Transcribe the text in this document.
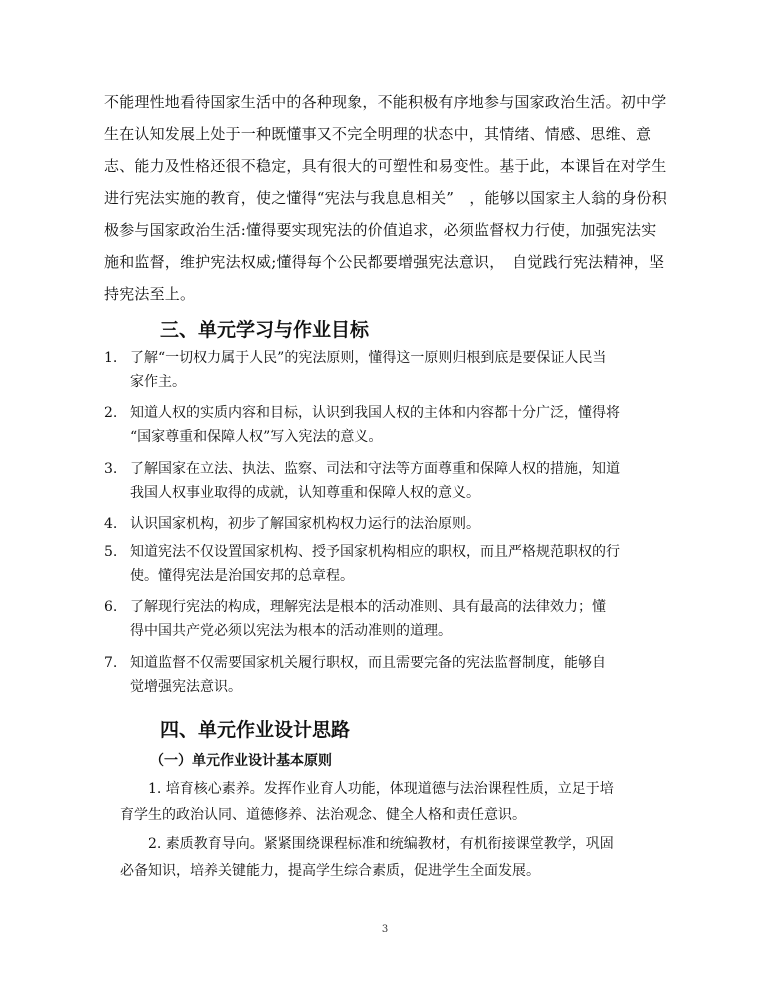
不能理性地看待国家生活中的各种现象，不能积极有序地参与国家政治生活。初中学
生在认知发展上处于一种既懂事又不完全明理的状态中，其情绪、情感、思维、意
志、能力及性格还很不稳定，具有很大的可塑性和易变性。基于此，本课旨在对学生
进行宪法实施的教育，使之懂得“宪法与我息息相关”　，能够以国家主人翁的身份积
极参与国家政治生活:懂得要实现宪法的价值追求，必须监督权力行使，加强宪法实
施和监督，维护宪法权威;懂得每个公民都要增强宪法意识，　自觉践行宪法精神，坚
持宪法至上。
三、单元学习与作业目标
1. 了解“一切权力属于人民”的宪法原则，懂得这一原则归根到底是要保证人民当
家作主。
2. 知道人权的实质内容和目标，认识到我国人权的主体和内容都十分广泛，懂得将
“国家尊重和保障人权”写入宪法的意义。
3. 了解国家在立法、执法、监察、司法和守法等方面尊重和保障人权的措施，知道
我国人权事业取得的成就，认知尊重和保障人权的意义。
4. 认识国家机构，初步了解国家机构权力运行的法治原则。
5. 知道宪法不仅设置国家机构、授予国家机构相应的职权，而且严格规范职权的行
使。懂得宪法是治国安邦的总章程。
6. 了解现行宪法的构成，理解宪法是根本的活动准则、具有最高的法律效力；懂
得中国共产党必须以宪法为根本的活动准则的道理。
7. 知道监督不仅需要国家机关履行职权，而且需要完备的宪法监督制度，能够自
觉增强宪法意识。
四、单元作业设计思路
（一）单元作业设计基本原则
1. 培育核心素养。发挥作业育人功能，体现道德与法治课程性质，立足于培
育学生的政治认同、道德修养、法治观念、健全人格和责任意识。
2. 素质教育导向。紧紧围绕课程标准和统编教材，有机衔接课堂教学，巩固
必备知识，培养关键能力，提高学生综合素质，促进学生全面发展。
3
